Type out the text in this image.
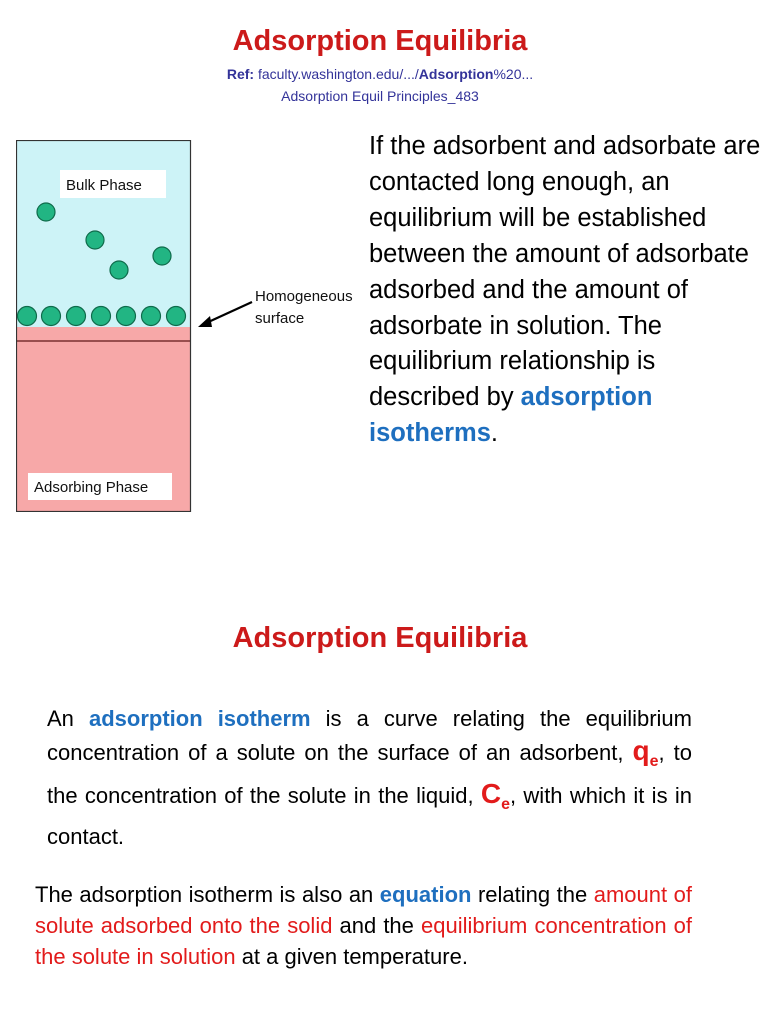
Adsorption Equilibria
Ref: faculty.washington.edu/.../Adsorption%20...
Adsorption Equil Principles_483
Bulk Phase
Adsorbing Phase
Homogeneous
surface
If the adsorbent and adsorbate are contacted long enough, an equilibrium will be established between the amount of adsorbate adsorbed and the amount of adsorbate in solution. The equilibrium relationship is described by adsorption isotherms.
Adsorption Equilibria
An adsorption isotherm is a curve relating the equilibrium concentration of a solute on the surface of an adsorbent, $q_e$, to the concentration of the solute in the liquid, $C_e$, with which it is in contact.
The adsorption isotherm is also an equation relating the amount of solute adsorbed onto the solid and the equilibrium concentration of the solute in solution at a given temperature.
